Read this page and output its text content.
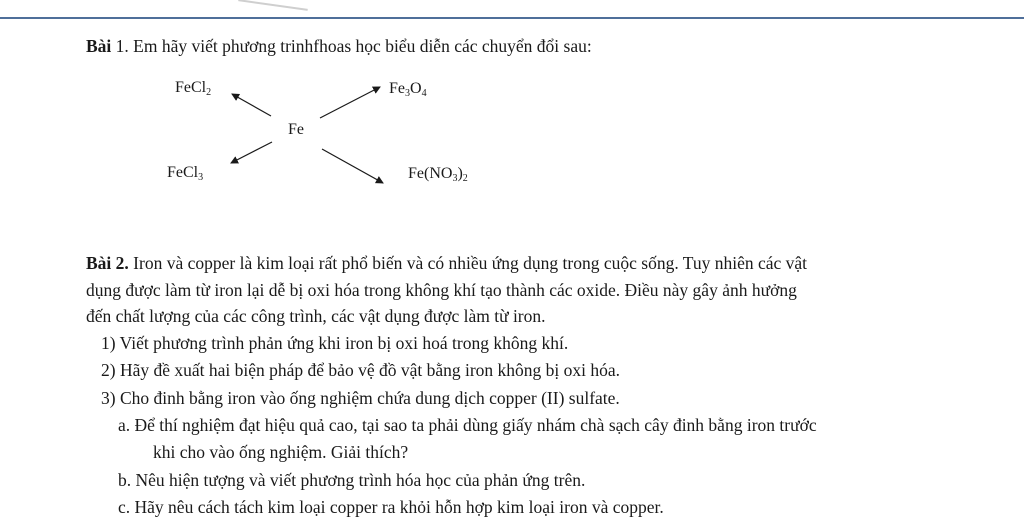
Bài 1. Em hãy viết phương trinhfhoas học biểu diễn các chuyển đổi sau:
FeCl$_2$	$Fe_3O_4$
Fe
FeCl$_3$	$Fe(NO_3)_2$
Bài 2. Iron và copper là kim loại rất phổ biến và có nhiều ứng dụng trong cuộc sống. Tuy nhiên các vật
dụng được làm từ iron lại dễ bị oxi hóa trong không khí tạo thành các oxide. Điều này gây ảnh hưởng
đến chất lượng của các công trình, các vật dụng được làm từ iron.
1) Viết phương trình phản ứng khi iron bị oxi hoá trong không khí.
2) Hãy đề xuất hai biện pháp để bảo vệ đồ vật bằng iron không bị oxi hóa.
3) Cho đinh bằng iron vào ống nghiệm chứa dung dịch copper (II) sulfate.
a. Để thí nghiệm đạt hiệu quả cao, tại sao ta phải dùng giấy nhám chà sạch cây đinh bằng iron trước
khi cho vào ống nghiệm. Giải thích?
b. Nêu hiện tượng và viết phương trình hóa học của phản ứng trên.
c. Hãy nêu cách tách kim loại copper ra khỏi hỗn hợp kim loại iron và copper.
